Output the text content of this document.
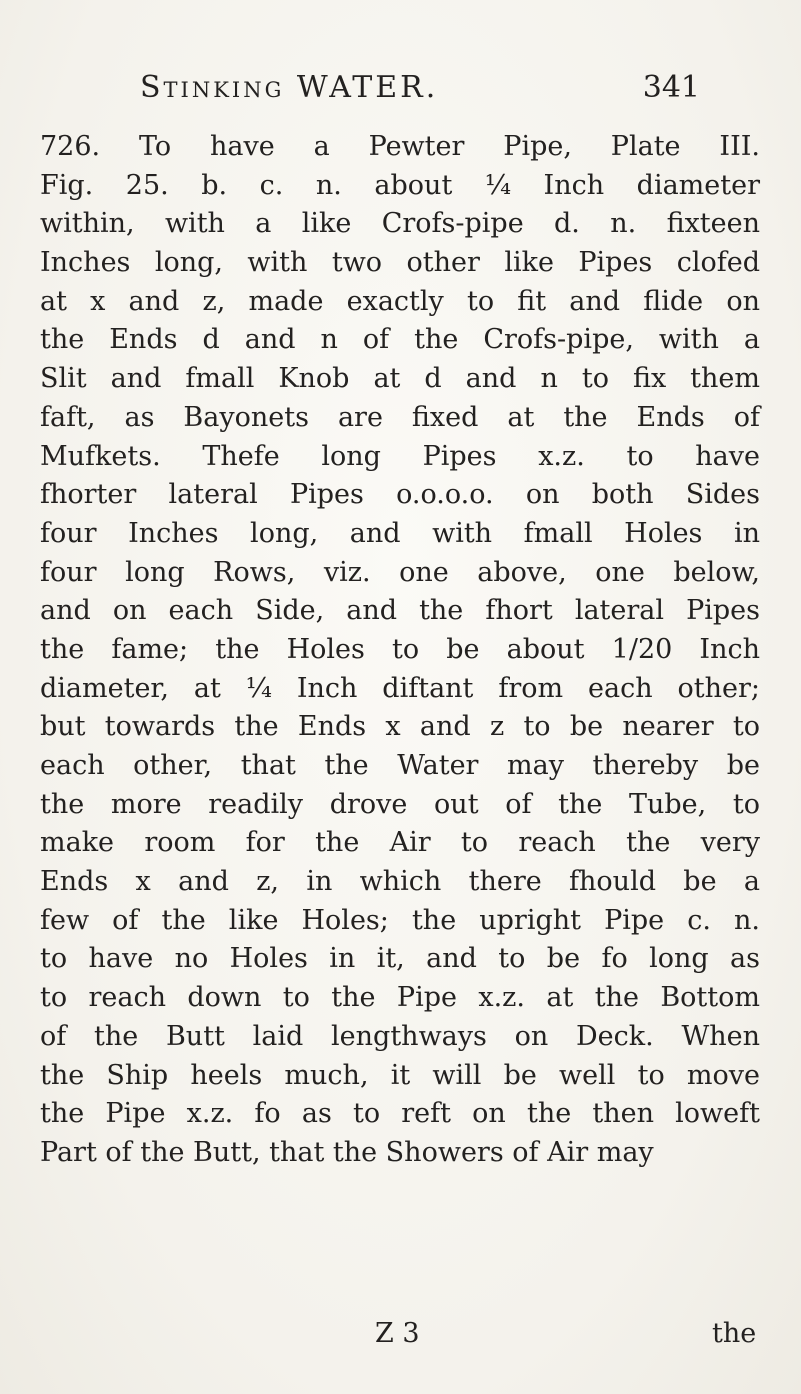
Stinking WATER.	341
726. To have a Pewter Pipe, Plate III.
Fig. 25. b. c. n. about ¼ Inch diameter
within, with a like Crofs-pipe d. n. fixteen
Inches long, with two other like Pipes clofed
at x and z, made exactly to fit and flide on
the Ends d and n of the Crofs-pipe, with a
Slit and fmall Knob at d and n to fix them
faft, as Bayonets are fixed at the Ends of
Mufkets. Thefe long Pipes x.z. to have
fhorter lateral Pipes o.o.o.o. on both Sides
four Inches long, and with fmall Holes in
four long Rows, viz. one above, one below,
and on each Side, and the fhort lateral Pipes
the fame; the Holes to be about 1/20 Inch
diameter, at ¼ Inch diftant from each other;
but towards the Ends x and z to be nearer to
each other, that the Water may thereby be
the more readily drove out of the Tube, to
make room for the Air to reach the very
Ends x and z, in which there fhould be a
few of the like Holes; the upright Pipe c. n.
to have no Holes in it, and to be fo long as
to reach down to the Pipe x.z. at the Bottom
of the Butt laid lengthways on Deck. When
the Ship heels much, it will be well to move
the Pipe x.z. fo as to reft on the then loweft
Part of the Butt, that the Showers of Air may
Z 3	the
